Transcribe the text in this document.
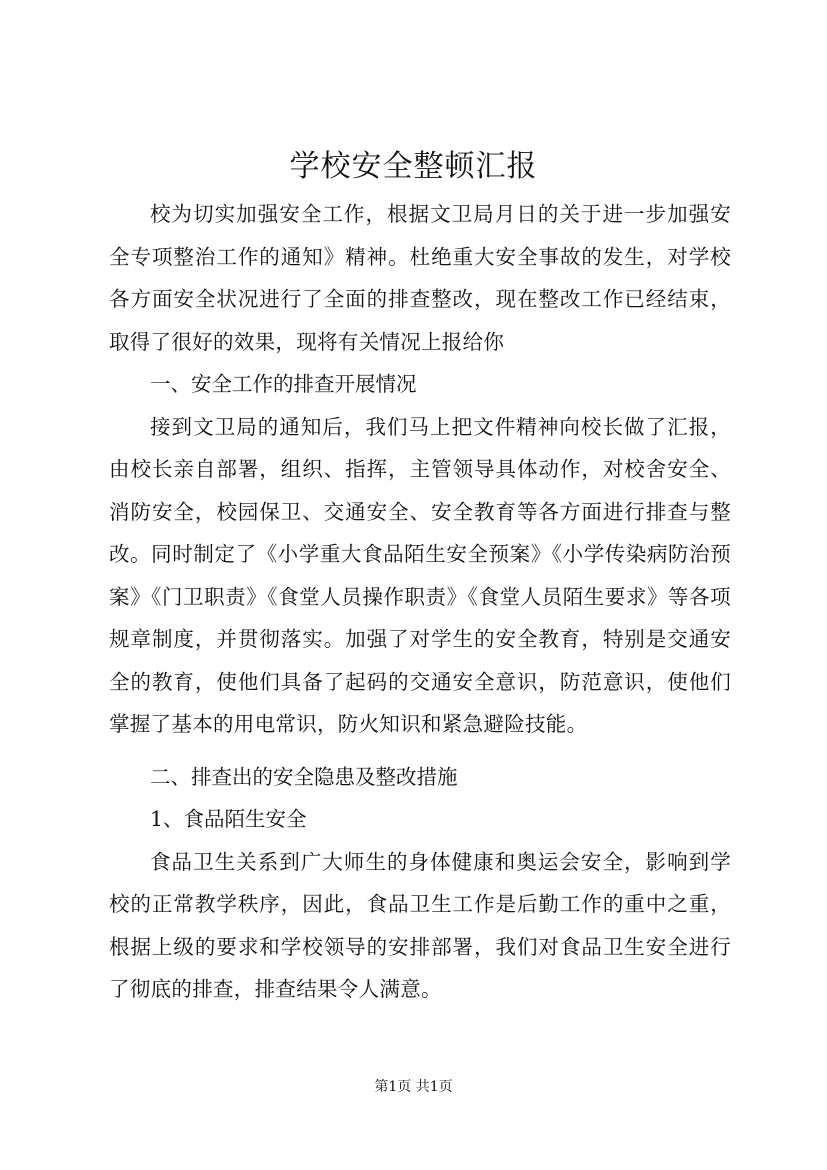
学校安全整顿汇报

校为切实加强安全工作，根据文卫局月日的关于进一步加强安全专项整治工作的通知》精神。杜绝重大安全事故的发生，对学校各方面安全状况进行了全面的排查整改，现在整改工作已经结束，取得了很好的效果，现将有关情况上报给你

一、安全工作的排查开展情况

接到文卫局的通知后，我们马上把文件精神向校长做了汇报，由校长亲自部署，组织、指挥，主管领导具体动作，对校舍安全、消防安全，校园保卫、交通安全、安全教育等各方面进行排查与整改。同时制定了《小学重大食品陌生安全预案》《小学传染病防治预案》《门卫职责》《食堂人员操作职责》《食堂人员陌生要求》等各项规章制度，并贯彻落实。加强了对学生的安全教育，特别是交通安全的教育，使他们具备了起码的交通安全意识，防范意识，使他们掌握了基本的用电常识，防火知识和紧急避险技能。

二、排查出的安全隐患及整改措施

1、食品陌生安全

食品卫生关系到广大师生的身体健康和奥运会安全，影响到学校的正常教学秩序，因此，食品卫生工作是后勤工作的重中之重，根据上级的要求和学校领导的安排部署，我们对食品卫生安全进行了彻底的排查，排查结果令人满意。

第1页 共1页
